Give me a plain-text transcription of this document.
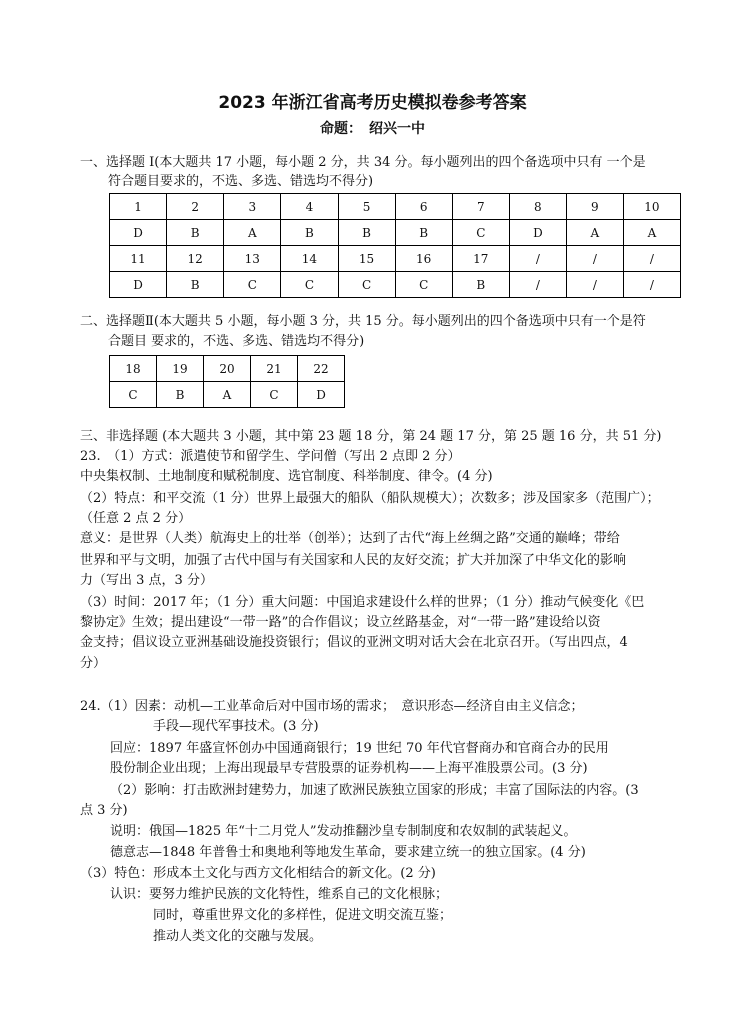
2023 年浙江省高考历史模拟卷参考答案
命题：　绍兴一中
一、选择题 I(本大题共 17 小题，每小题 2 分，共 34 分。每小题列出的四个备选项中只有 一个是
符合题目要求的，不选、多选、错选均不得分)
1	2	3	4	5	6	7	8	9	10
D	B	A	B	B	B	C	D	A	A
11	12	13	14	15	16	17	/	/	/
D	B	C	C	C	C	B	/	/	/
二、选择题Ⅱ(本大题共 5 小题，每小题 3 分，共 15 分。每小题列出的四个备选项中只有一个是符
合题目 要求的，不选、多选、错选均不得分)
18	19	20	21	22
C	B	A	C	D
三、非选择题 (本大题共 3 小题，其中第 23 题 18 分，第 24 题 17 分，第 25 题 16 分，共 51 分)
23.　（1）方式：派遣使节和留学生、学问僧（写出 2 点即 2 分）
中央集权制、土地制度和赋税制度、选官制度、科举制度、律令。(4 分)
（2）特点：和平交流（1 分）世界上最强大的船队（船队规模大）；次数多；涉及国家多（范围广）；
（任意 2 点 2 分）
意义：是世界（人类）航海史上的壮举（创举）；达到了古代“海上丝绸之路”交通的巅峰；带给
世界和平与文明，加强了古代中国与有关国家和人民的友好交流；扩大并加深了中华文化的影响
力（写出 3 点，3 分）
（3）时间：2017 年；（1 分）重大问题：中国追求建设什么样的世界；（1 分）推动气候变化《巴
黎协定》生效；提出建设“一带一路”的合作倡议；设立丝路基金，对“一带一路”建设给以资
金支持；倡议设立亚洲基础设施投资银行；倡议的亚洲文明对话大会在北京召开。（写出四点，4
分）
24.（1）因素：动机—工业革命后对中国市场的需求；　意识形态—经济自由主义信念；
手段—现代军事技术。(3 分)
回应：1897 年盛宣怀创办中国通商银行；19 世纪 70 年代官督商办和官商合办的民用
股份制企业出现；上海出现最早专营股票的证券机构——上海平准股票公司。(3 分)
（2）影响：打击欧洲封建势力，加速了欧洲民族独立国家的形成；丰富了国际法的内容。(3
点 3 分)
说明：俄国—1825 年“十二月党人”发动推翻沙皇专制制度和农奴制的武装起义。
德意志—1848 年普鲁士和奥地利等地发生革命，要求建立统一的独立国家。(4 分)
（3）特色：形成本土文化与西方文化相结合的新文化。(2 分)
认识：要努力维护民族的文化特性，维系自己的文化根脉；
同时，尊重世界文化的多样性，促进文明交流互鉴；
推动人类文化的交融与发展。
